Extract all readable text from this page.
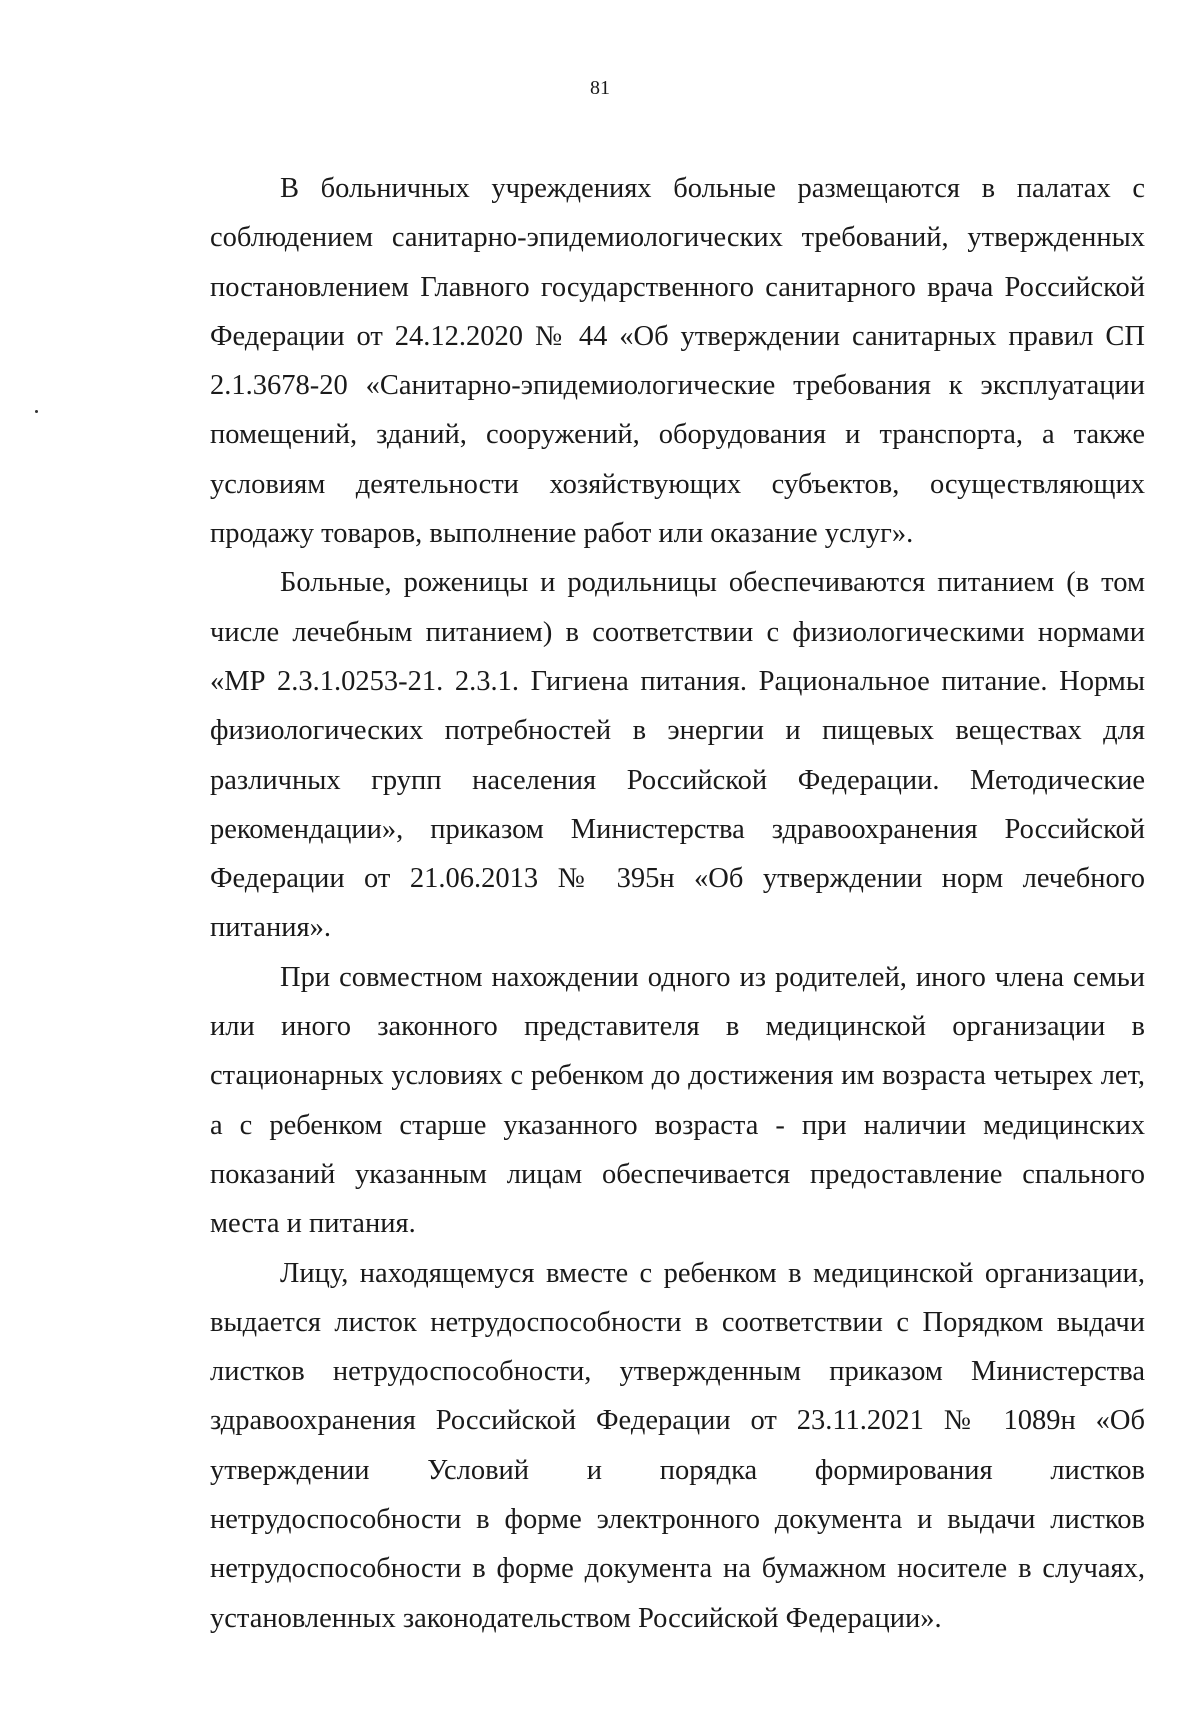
81

В больничных учреждениях больные размещаются в палатах с соблюдением санитарно-эпидемиологических требований, утвержденных постановлением Главного государственного санитарного врача Российской Федерации от 24.12.2020 № 44 «Об утверждении санитарных правил СП 2.1.3678-20 «Санитарно-эпидемиологические требования к эксплуатации помещений, зданий, сооружений, оборудования и транспорта, а также условиям деятельности хозяйствующих субъектов, осуществляющих продажу товаров, выполнение работ или оказание услуг».

Больные, роженицы и родильницы обеспечиваются питанием (в том числе лечебным питанием) в соответствии с физиологическими нормами «МР 2.3.1.0253-21. 2.3.1. Гигиена питания. Рациональное питание. Нормы физиологических потребностей в энергии и пищевых веществах для различных групп населения Российской Федерации. Методические рекомендации», приказом Министерства здравоохранения Российской Федерации от 21.06.2013 № 395н «Об утверждении норм лечебного питания».

При совместном нахождении одного из родителей, иного члена семьи или иного законного представителя в медицинской организации в стационарных условиях с ребенком до достижения им возраста четырех лет, а с ребенком старше указанного возраста - при наличии медицинских показаний указанным лицам обеспечивается предоставление спального места и питания.

Лицу, находящемуся вместе с ребенком в медицинской организации, выдается листок нетрудоспособности в соответствии с Порядком выдачи листков нетрудоспособности, утвержденным приказом Министерства здравоохранения Российской Федерации от 23.11.2021 № 1089н «Об утверждении Условий и порядка формирования листков нетрудоспособности в форме электронного документа и выдачи листков нетрудоспособности в форме документа на бумажном носителе в случаях, установленных законодательством Российской Федерации».
